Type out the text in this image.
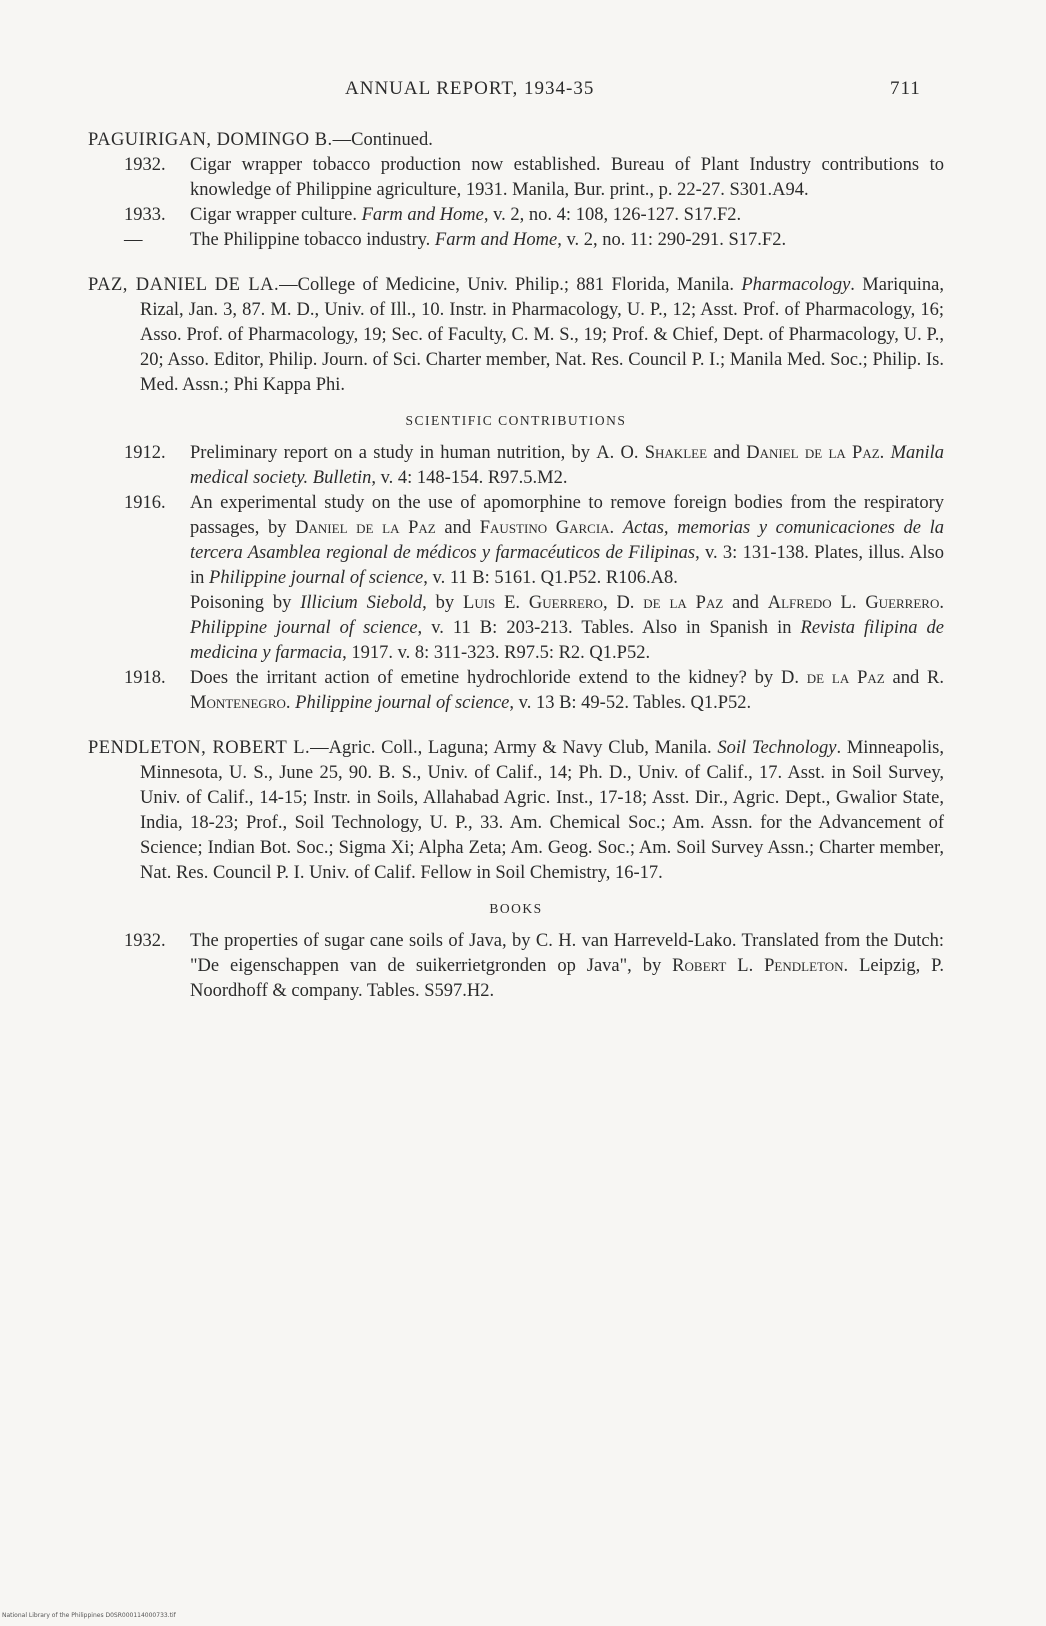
ANNUAL REPORT, 1934-35	711

PAGUIRIGAN, DOMINGO B.—Continued.

1932. Cigar wrapper tobacco production now established. Bureau of Plant Industry contributions to knowledge of Philippine agriculture, 1931. Manila, Bur. print., p. 22-27. S301.A94.

1933. Cigar wrapper culture. Farm and Home, v. 2, no. 4: 108, 126-127. S17.F2.

—	The Philippine tobacco industry. Farm and Home, v. 2, no. 11: 290-291. S17.F2.

PAZ, DANIEL DE LA.—College of Medicine, Univ. Philip.; 881 Florida, Manila. Pharmacology. Mariquina, Rizal, Jan. 3, 87. M. D., Univ. of Ill., 10. Instr. in Pharmacology, U. P., 12; Asst. Prof. of Pharmacology, 16; Asso. Prof. of Pharmacology, 19; Sec. of Faculty, C. M. S., 19; Prof. & Chief, Dept. of Pharmacology, U. P., 20; Asso. Editor, Philip. Journ. of Sci. Charter member, Nat. Res. Council P. I.; Manila Med. Soc.; Philip. Is. Med. Assn.; Phi Kappa Phi.

SCIENTIFIC CONTRIBUTIONS

1912. Preliminary report on a study in human nutrition, by A. O. Shaklee and Daniel de la Paz. Manila medical society. Bulletin, v. 4: 148-154. R97.5.M2.

1916. An experimental study on the use of apomorphine to remove foreign bodies from the respiratory passages, by Daniel de la Paz and Faustino Garcia. Actas, memorias y comunicaciones de la tercera Asamblea regional de médicos y farmacéuticos de Filipinas, v. 3: 131-138. Plates, illus. Also in Philippine journal of science, v. 11 B: 5161. Q1.P52. R106.A8.

Poisoning by Illicium Siebold, by Luis E. Guerrero, D. de la Paz and Alfredo L. Guerrero. Philippine journal of science, v. 11 B: 203-213. Tables. Also in Spanish in Revista filipina de medicina y farmacia, 1917. v. 8: 311-323. R97.5: R2. Q1.P52.

1918. Does the irritant action of emetine hydrochloride extend to the kidney? by D. de la Paz and R. Montenegro. Philippine journal of science, v. 13 B: 49-52. Tables. Q1.P52.

PENDLETON, ROBERT L.—Agric. Coll., Laguna; Army & Navy Club, Manila. Soil Technology. Minneapolis, Minnesota, U. S., June 25, 90. B. S., Univ. of Calif., 14; Ph. D., Univ. of Calif., 17. Asst. in Soil Survey, Univ. of Calif., 14-15; Instr. in Soils, Allahabad Agric. Inst., 17-18; Asst. Dir., Agric. Dept., Gwalior State, India, 18-23; Prof., Soil Technology, U. P., 33. Am. Chemical Soc.; Am. Assn. for the Advancement of Science; Indian Bot. Soc.; Sigma Xi; Alpha Zeta; Am. Geog. Soc.; Am. Soil Survey Assn.; Charter member, Nat. Res. Council P. I. Univ. of Calif. Fellow in Soil Chemistry, 16-17.

BOOKS

1932. The properties of sugar cane soils of Java, by C. H. van Harreveld-Lako. Translated from the Dutch: "De eigenschappen van de suikerrietgronden op Java", by Robert L. Pendleton. Leipzig, P. Noordhoff & company. Tables. S597.H2.

National Library of the Philippines D0SR000114000733.tif
